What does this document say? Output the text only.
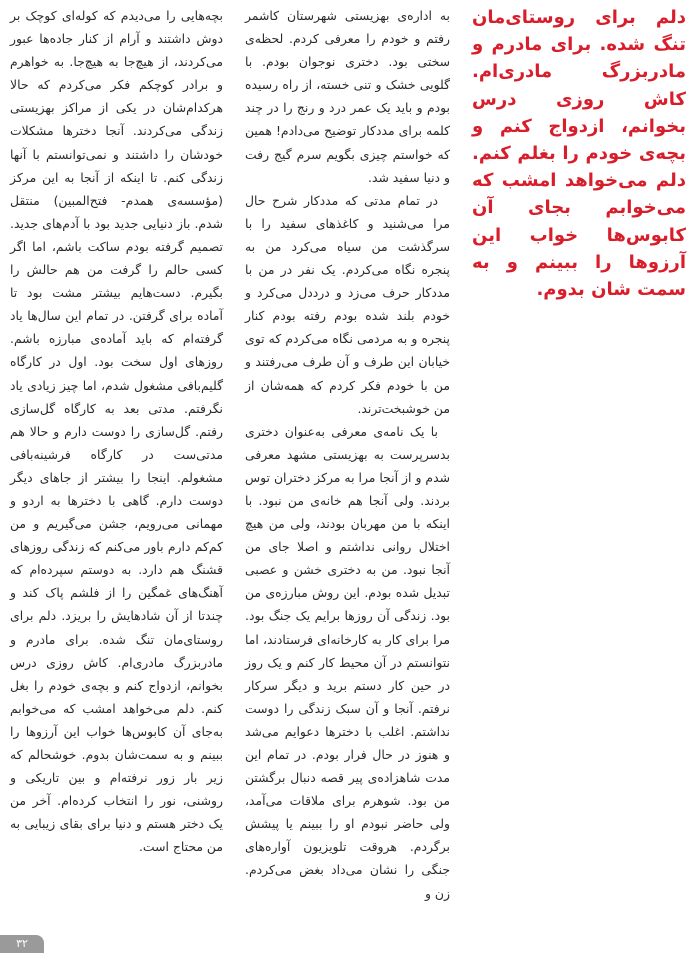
دلم برای روستای‌مان تنگ شده. برای مادرم و مادربزرگ مادری‌ام. کاش روزی درس بخوانم، ازدواج کنم و بچه‌ی خودم را بغلم کنم. دلم می‌خواهد امشب که می‌خوابم بجای آن کابوس‌ها خواب این آرزوها را ببینم و به سمت شان بدوم.

به اداره‌ی بهزیستی شهرستان کاشمر رفتم و خودم را معرفی کردم. لحظه‌ی سختی بود. دختری نوجوان بودم. با گلویی خشک و تنی خسته، از راه رسیده بودم و باید یک عمر درد و رنج را در چند کلمه برای مددکار توضیح می‌دادم! همین که خواستم چیزی بگویم سرم گیج رفت و دنیا سفید شد.

در تمام مدتی که مددکار شرح حال مرا می‌شنید و کاغذهای سفید را با سرگذشت من سیاه می‌کرد من به پنجره نگاه می‌کردم. یک نفر در من با مددکار حرف می‌زد و درددل می‌کرد و خودم بلند شده بودم رفته بودم کنار پنجره و به مردمی نگاه می‌کردم که توی خیابان این طرف و آن طرف می‌رفتند و من با خودم فکر کردم که همه‌شان از من خوشبخت‌ترند.

با یک نامه‌ی معرفی به‌عنوان دختری بدسرپرست به بهزیستی مشهد معرفی شدم و از آنجا مرا به مرکز دختران توس بردند. ولی آنجا هم خانه‌ی من نبود. با اینکه با من مهربان بودند، ولی من هیچ اختلال روانی نداشتم و اصلا جای من آنجا نبود. من به دختری خشن و عصبی تبدیل شده بودم. این روش مبارزه‌ی من بود. زندگی آن روزها برایم یک جنگ بود. مرا برای کار به کارخانه‌ای فرستادند، اما نتوانستم در آن محیط کار کنم و یک روز در حین کار دستم برید و دیگر سرکار نرفتم. آنجا و آن سبک زندگی را دوست نداشتم. اغلب با دخترها دعوایم می‌شد و هنوز در حال فرار بودم. در تمام این مدت شاهزاده‌ی پیر قصه دنبال برگشتن من بود. شوهرم برای ملاقات می‌آمد، ولی حاضر نبودم او را ببینم یا پیشش برگردم. هروقت تلویزیون آواره‌های جنگی را نشان می‌داد بغض می‌کردم. زن و

بچه‌هایی را می‌دیدم که کوله‌ای کوچک بر دوش داشتند و آرام از کنار جاده‌ها عبور می‌کردند، از هیچ‌جا به هیچ‌جا. به خواهرم و برادر کوچکم فکر می‌کردم که حالا هرکدام‌شان در یکی از مراکز بهزیستی زندگی می‌کردند. آنجا دخترها مشکلات خودشان را داشتند و نمی‌توانستم با آنها زندگی کنم. تا اینکه از آنجا به این مرکز (مؤسسه‌ی همدم- فتح‌المبین) منتقل شدم. باز دنیایی جدید بود با آدم‌های جدید. تصمیم گرفته بودم ساکت باشم، اما اگر کسی حالم را گرفت من هم حالش را بگیرم. دست‌هایم بیشتر مشت بود تا آماده برای گرفتن. در تمام این سال‌ها یاد گرفته‌ام که باید آماده‌ی مبارزه باشم. روزهای اول سخت بود. اول در کارگاه گلیم‌بافی مشغول شدم، اما چیز زیادی یاد نگرفتم. مدتی بعد به کارگاه گل‌سازی رفتم. گل‌سازی را دوست دارم و حالا هم مدتی‌ست در کارگاه فرشینه‌بافی مشغولم. اینجا را بیشتر از جاهای دیگر دوست دارم. گاهی با دخترها به اردو و مهمانی می‌رویم، جشن می‌گیریم و من کم‌کم دارم باور می‌کنم که زندگی روزهای قشنگ هم دارد. به دوستم سپرده‌ام که آهنگ‌های غمگین را از فلشم پاک کند و چندتا از آن شادهایش را بریزد. دلم برای روستای‌مان تنگ شده. برای مادرم و مادربزرگ مادری‌ام. کاش روزی درس بخوانم، ازدواج کنم و بچه‌ی خودم را بغل کنم. دلم می‌خواهد امشب که می‌خوابم به‌جای آن کابوس‌ها خواب این آرزوها را ببینم و به سمت‌شان بدوم. خوشحالم که زیر بار زور نرفته‌ام و بین تاریکی و روشنی، نور را انتخاب کرده‌ام. آخر من یک دختر هستم و دنیا برای بقای زیبایی به من محتاج است.

۳۲
